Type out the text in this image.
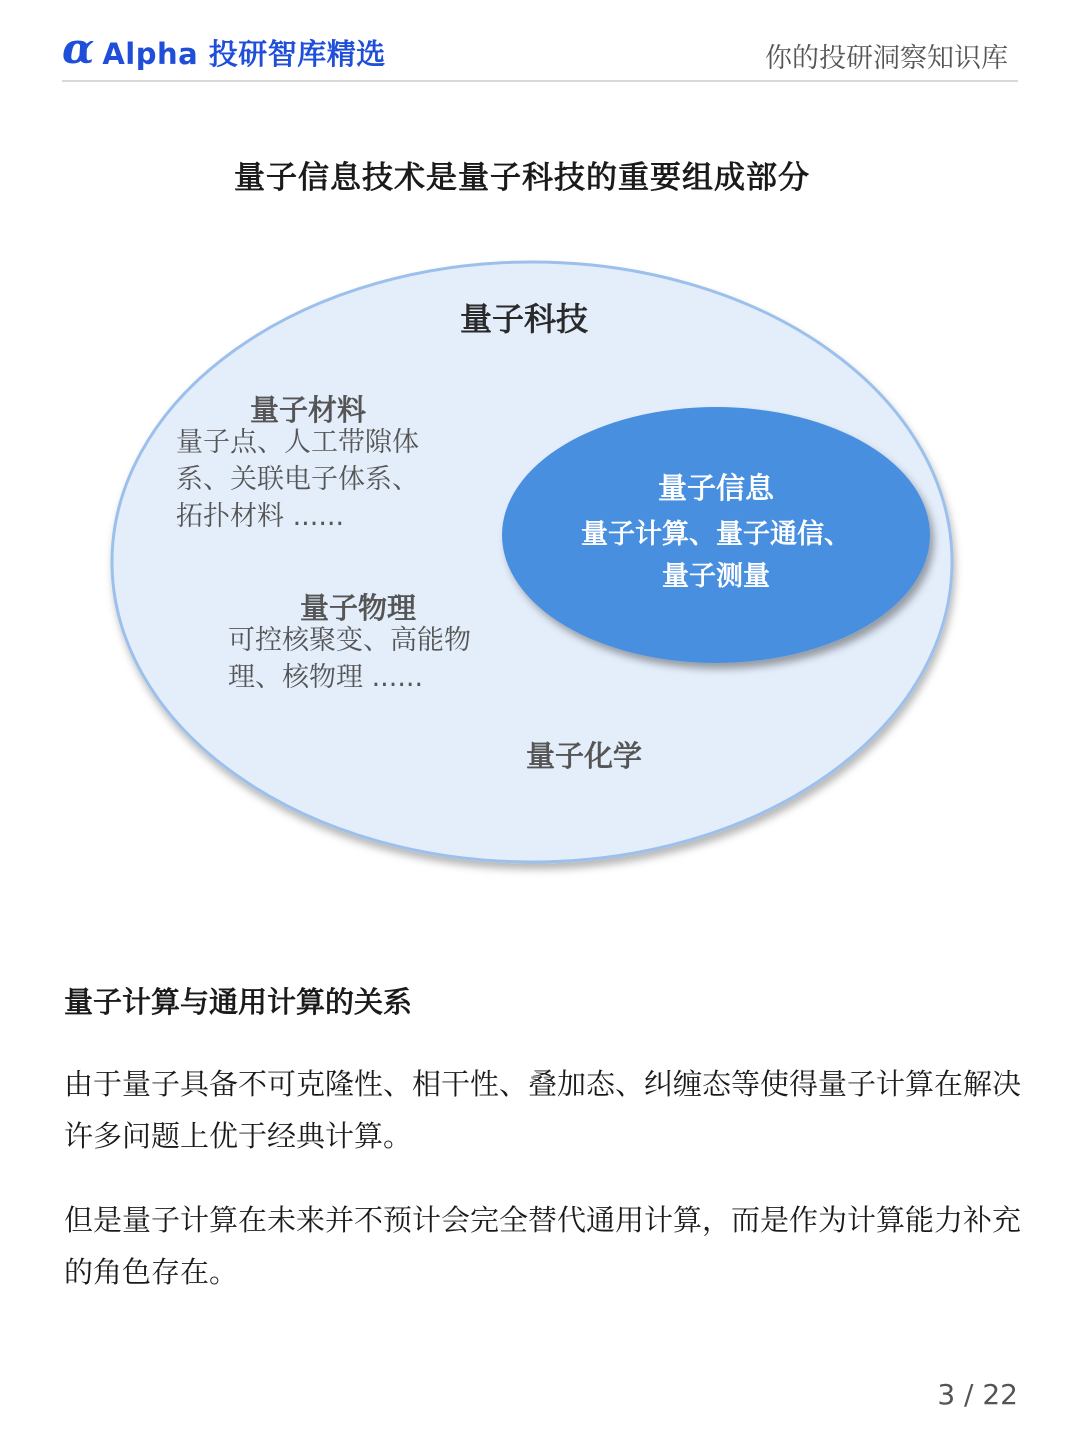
α Alpha 投研智库精选	你的投研洞察知识库
量子信息技术是量子科技的重要组成部分
量子科技
量子材料
量子点、人工带隙体
系、关联电子体系、
拓扑材料 ......
量子物理
可控核聚变、高能物
理、核物理 ......
量子化学
量子信息
量子计算、量子通信、
量子测量
量子计算与通用计算的关系
由于量子具备不可克隆性、相干性、叠加态、纠缠态等使得量子计算在解决许多问题上优于经典计算。
但是量子计算在未来并不预计会完全替代通用计算，而是作为计算能力补充的角色存在。
3 / 22
